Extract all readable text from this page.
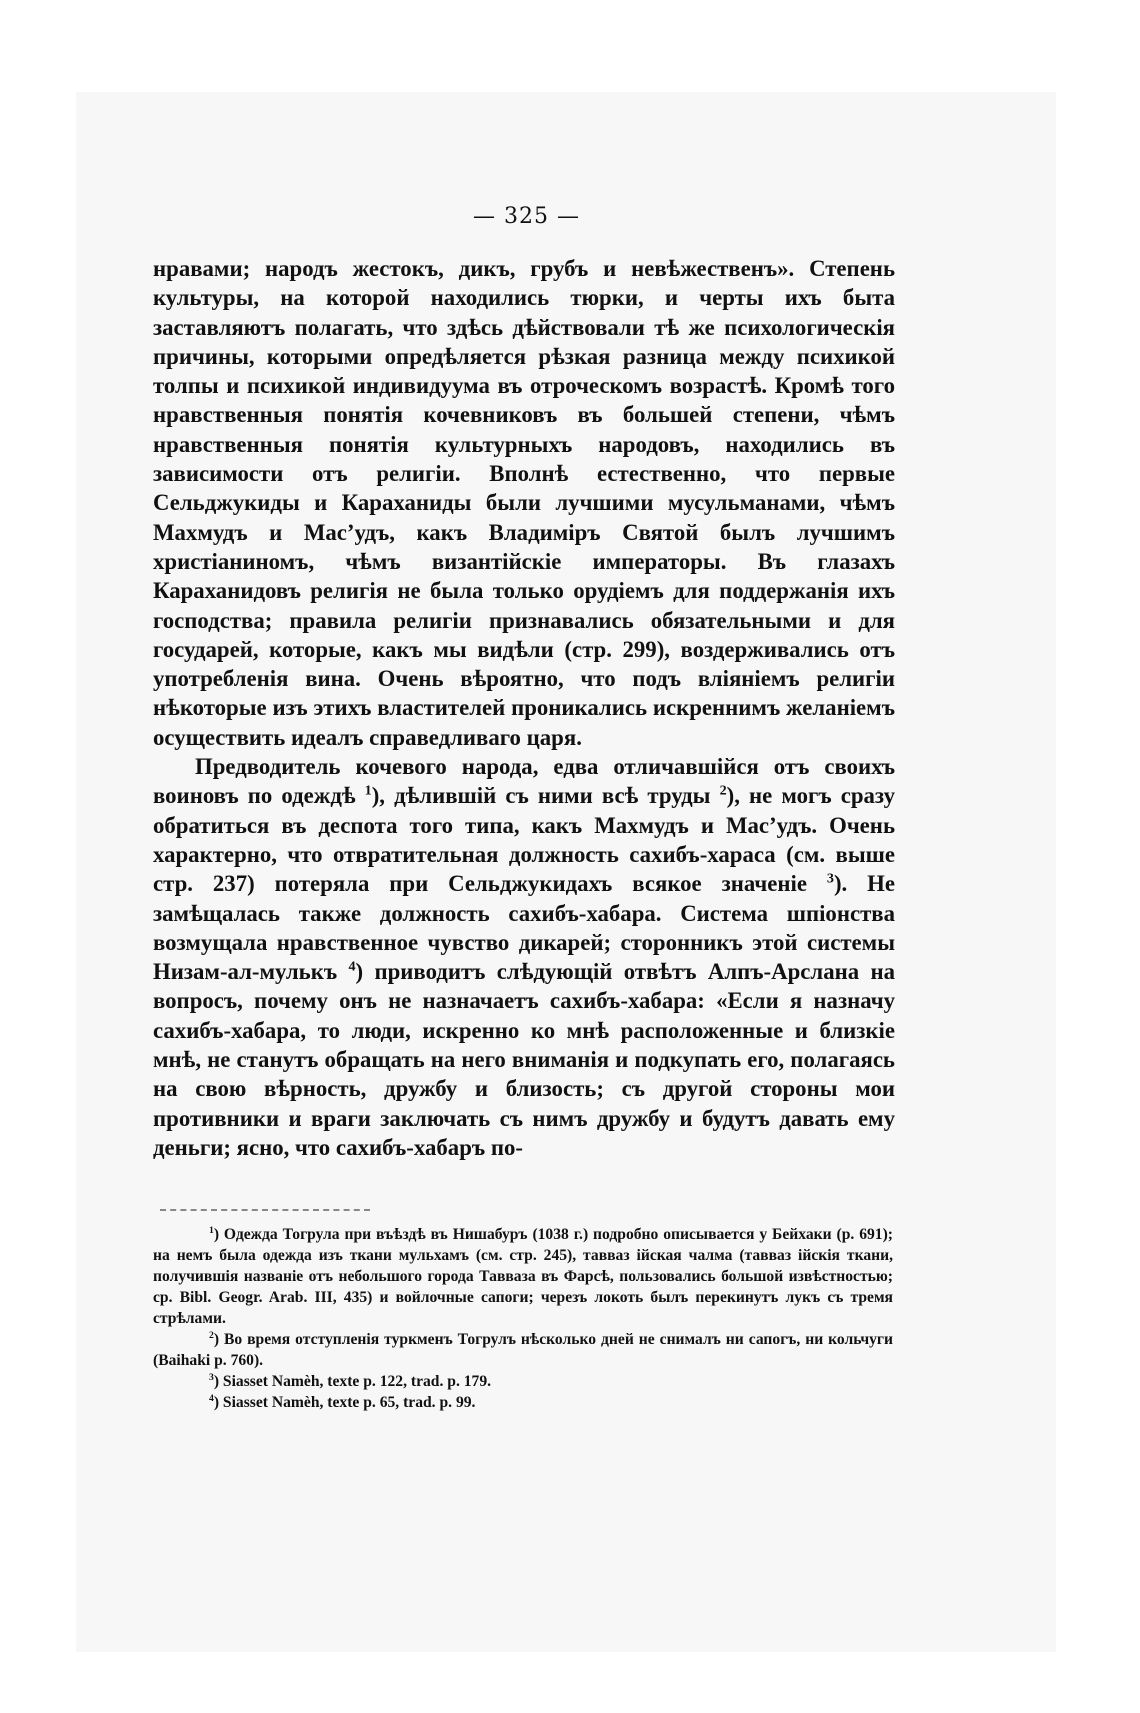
— 325 —

нравами; народъ жестокъ, дикъ, грубъ и невѣжественъ». Степень культуры, на которой находились тюрки, и черты ихъ быта заставляютъ полагать, что здѣсь дѣйствовали тѣ же психологическія причины, которыми опредѣляется рѣзкая разница между психикой толпы и психикой индивидуума въ отроческомъ возрастѣ. Кромѣ того нравственныя понятія кочевниковъ въ большей степени, чѣмъ нравственныя понятія культурныхъ народовъ, находились въ зависимости отъ религіи. Вполнѣ естественно, что первые Сельджукиды и Караханиды были лучшими мусульманами, чѣмъ Махмудъ и Мас’удъ, какъ Владиміръ Святой былъ лучшимъ христіаниномъ, чѣмъ византійскіе императоры. Въ глазахъ Караханидовъ религія не была только орудіемъ для поддержанія ихъ господства; правила религіи признавались обязательными и для государей, которые, какъ мы видѣли (стр. 299), воздерживались отъ употребленія вина. Очень вѣроятно, что подъ вліяніемъ религіи нѣкоторые изъ этихъ властителей проникались искреннимъ желаніемъ осуществить идеалъ справедливаго царя.

Предводитель кочевого народа, едва отличавшійся отъ своихъ воиновъ по одеждѣ $^1$), дѣлившій съ ними всѣ труды $^2$), не могъ сразу обратиться въ деспота того типа, какъ Махмудъ и Мас’удъ. Очень характерно, что отвратительная должность сахибъ-хараса (см. выше стр. 237) потеряла при Сельджукидахъ всякое значеніе $^3$). Не замѣщалась также должность сахибъ-хабара. Система шпіонства возмущала нравственное чувство дикарей; сторонникъ этой системы Низам-ал-мулькъ $^4$) приводитъ слѣдующій отвѣтъ Алпъ-Арслана на вопросъ, почему онъ не назначаетъ сахибъ-хабара: «Если я назначу сахибъ-хабара, то люди, искренно ко мнѣ расположенные и близкіе мнѣ, не станутъ обращать на него вниманія и подкупать его, полагаясь на свою вѣрность, дружбу и близость; съ другой стороны мои противники и враги заключать съ нимъ дружбу и будутъ давать ему деньги; ясно, что сахибъ-хабаръ по-

$^1$) Одежда Тогрула при въѣздѣ въ Нишабуръ (1038 г.) подробно описывается у Бейхаки (p. 691); на немъ была одежда изъ ткани мульхамъ (см. стр. 245), тавваз ійская чалма (тавваз ійскія ткани, получившія названіе отъ небольшого города Тавваза въ Фарсѣ, пользовались большой извѣстностью; ср. Bibl. Geogr. Arab. III, 435) и войлочные сапоги; черезъ локоть былъ перекинутъ лукъ съ тремя стрѣлами.

$^2$) Во время отступленія туркменъ Тогрулъ нѣсколько дней не снималъ ни сапогъ, ни кольчуги (Baihaki p. 760).

$^3$) Siasset Namèh, texte p. 122, trad. p. 179.

$^4$) Siasset Namèh, texte p. 65, trad. p. 99.
